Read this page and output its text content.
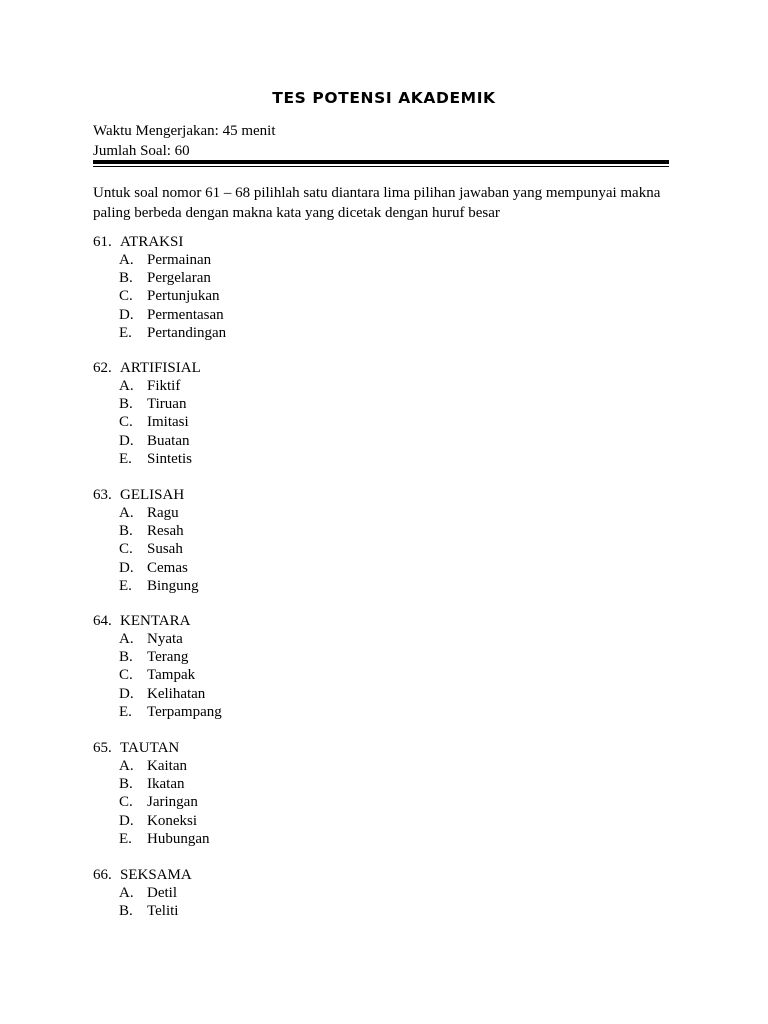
TES POTENSI AKADEMIK
Waktu Mengerjakan: 45 menit
Jumlah Soal: 60
Untuk soal nomor 61 – 68 pilihlah satu diantara lima pilihan jawaban yang mempunyai makna paling berbeda dengan makna kata yang dicetak dengan huruf besar
61. ATRAKSI
A. Permainan
B. Pergelaran
C. Pertunjukan
D. Permentasan
E. Pertandingan
62. ARTIFISIAL
A. Fiktif
B. Tiruan
C. Imitasi
D. Buatan
E. Sintetis
63. GELISAH
A. Ragu
B. Resah
C. Susah
D. Cemas
E. Bingung
64. KENTARA
A. Nyata
B. Terang
C. Tampak
D. Kelihatan
E. Terpampang
65. TAUTAN
A. Kaitan
B. Ikatan
C. Jaringan
D. Koneksi
E. Hubungan
66. SEKSAMA
A. Detil
B. Teliti
